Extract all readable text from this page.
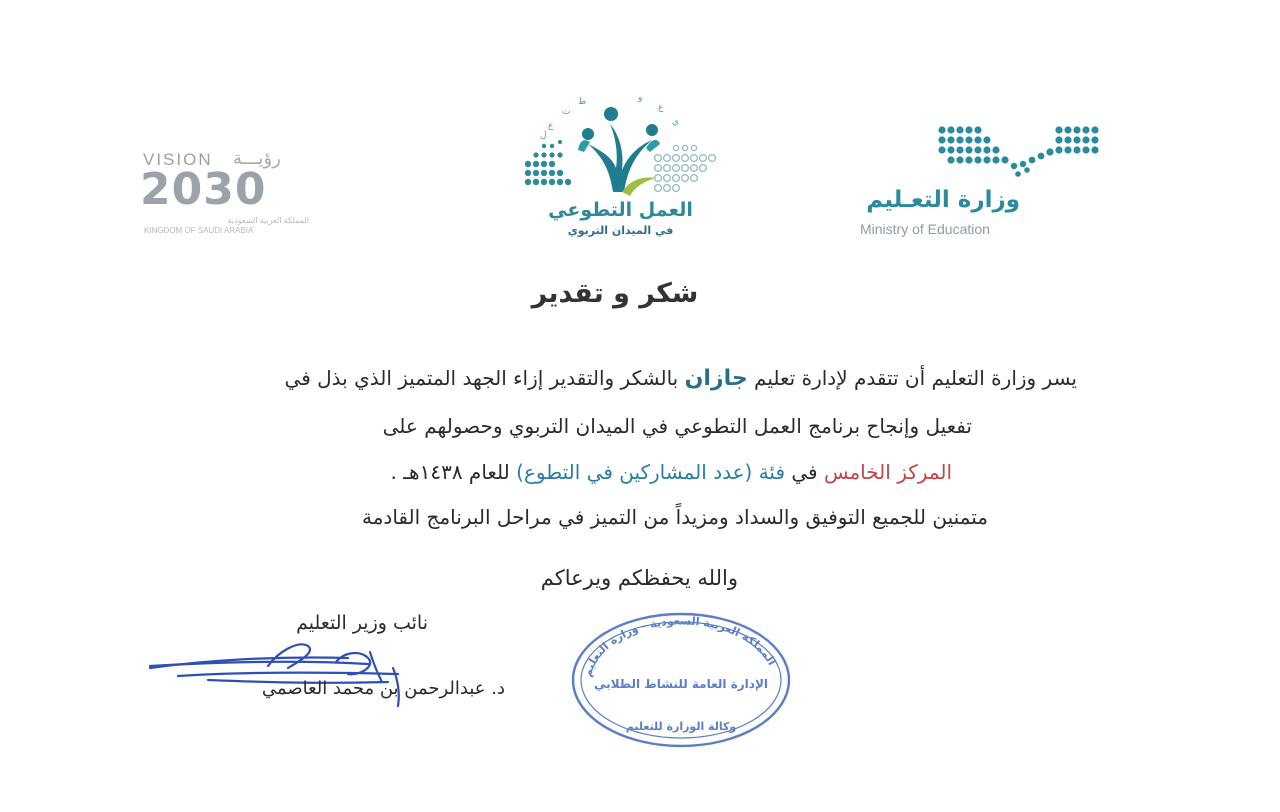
VISION رؤيـــة
2030
المملكة العربية السعودية
KINGDOM OF SAUDI ARABIA
ع
ت
ط	و
ع
ي
ل
العمل التطوعي
في الميدان التربوي
وزارة التعـليم
Ministry of Education
شكر و تقدير
يسر وزارة التعليم أن تتقدم لإدارة تعليم جازان بالشكر والتقدير إزاء الجهد المتميز الذي بذل في
تفعيل وإنجاح برنامج العمل التطوعي في الميدان التربوي وحصولهم على
المركز الخامس في فئة (عدد المشاركين في التطوع) للعام ١٤٣٨هـ .
متمنين للجميع التوفيق والسداد ومزيداً من التميز في مراحل البرنامج القادمة
والله يحفظكم ويرعاكم
نائب وزير التعليم
د. عبدالرحمن بن محمد العاصمي
المملكة العربية السعودية - وزارة التعليم
الإدارة العامة للنشاط الطلابي
وكالة الوزارة للتعليم
